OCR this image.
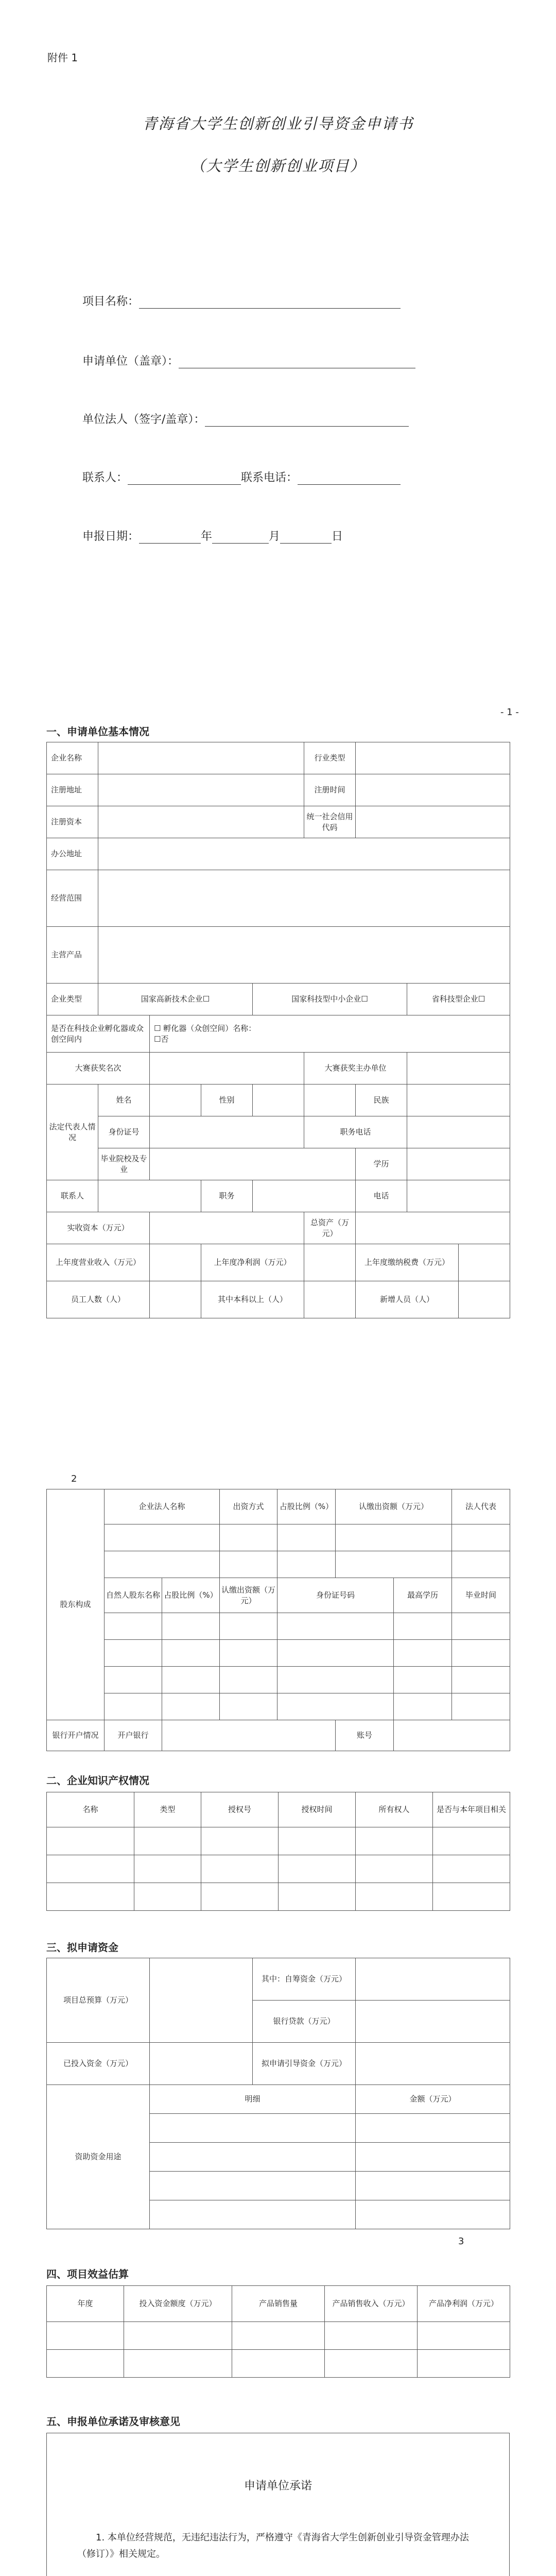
附件 1
青海省大学生创新创业引导资金申请书
（大学生创新创业项目）
项目名称：
申请单位（盖章）：
单位法人（签字/盖章）：
联系人：	联系电话：
申报日期：	年	月	日
- 1 -
一、申请单位基本情况
企业名称					行业类型			
注册地址					注册时间			
注册资本					统一社会信用代码			
办公地址								
经营范围								
主营产品								
企业类型	国家高新技术企业☐			国家科技型中小企业☐			省科技型企业☐	
是否在科技企业孵化器或众创空间内		☐ 孵化器（众创空间）名称：
☐否						
大赛获奖名次					大赛获奖主办单位			
法定代表人情况	姓名		性别			民族		
	身份证号				职务电话			
	毕业院校及专业					学历		
联系人			职务			电话		
实收资本（万元）					总资产（万元）			
上年度营业收入（万元）			上年度净利润（万元）			上年度缴纳税费（万元）		
员工人数（人）			其中本科以上（人）			新增人员（人）		
2
股东构成	企业法人名称		出资方式	占股比例（%）	认缴出资额（万元）		法人代表

	自然人股东名称	占股比例（%）	认缴出资额（万元）	身份证号码		最高学历	毕业时间

银行开户情况	开户银行				账号		
二、企业知识产权情况
名称	类型	授权号	授权时间	所有权人	是否与本年项目相关

三、拟申请资金
项目总预算（万元）		其中：自筹资金（万元）	
		银行贷款（万元）	
已投入资金（万元）		拟申请引导资金（万元）	
资助资金用途	明细		金额（万元）

3
四、项目效益估算
年度	投入资金额度（万元）	产品销售量	产品销售收入（万元）	产品净利润（万元）

五、申报单位承诺及审核意见
申请单位承诺
1. 本单位经营规范，无违纪违法行为，严格遵守《青海省大学生创新创业引导资金管理办法（修订）》相关规定。
